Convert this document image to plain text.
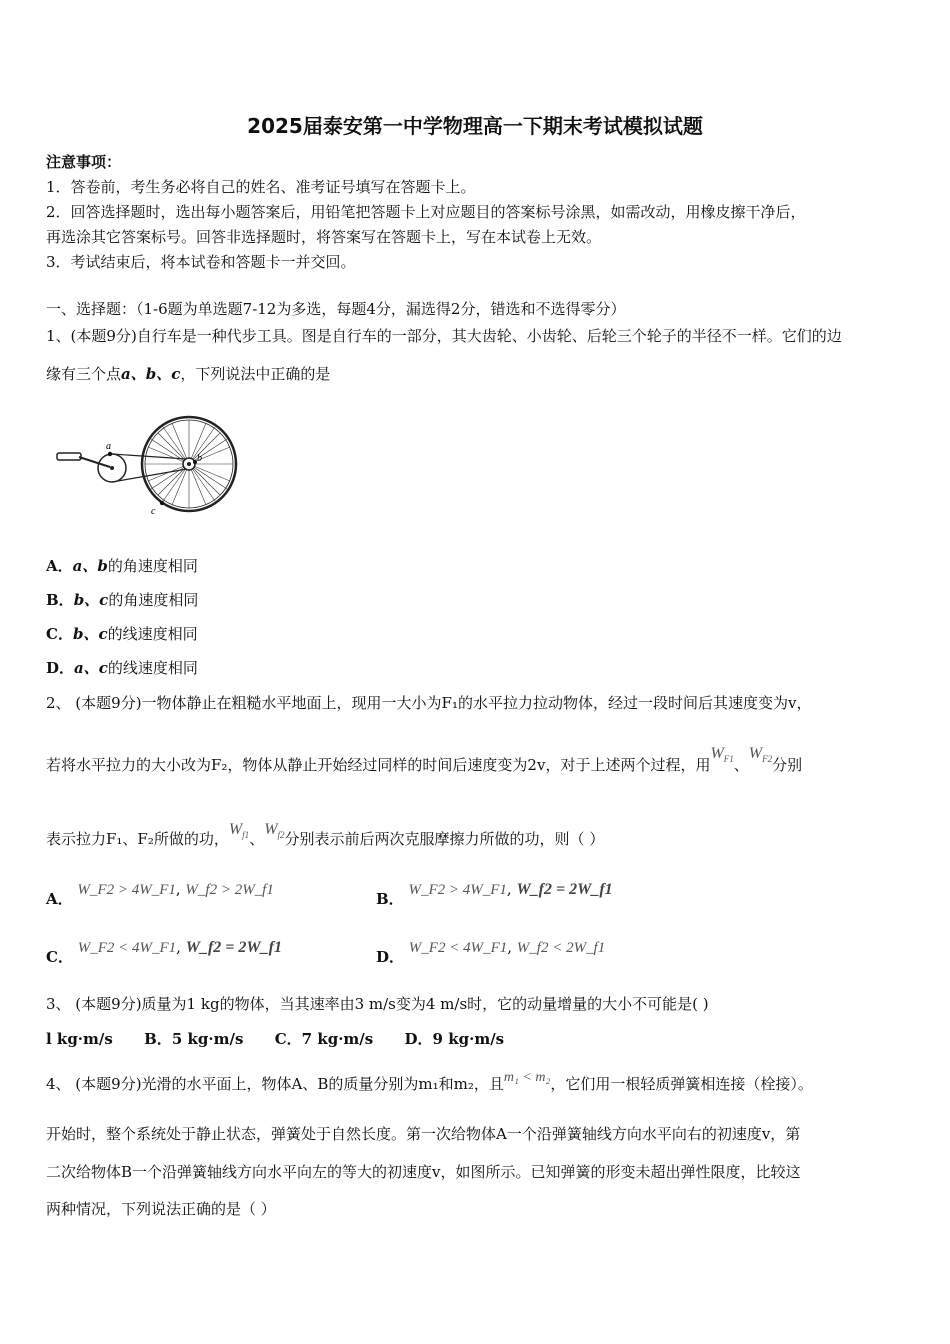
2025届泰安第一中学物理高一下期末考试模拟试题
注意事项：
1．答卷前，考生务必将自己的姓名、准考证号填写在答题卡上。
2．回答选择题时，选出每小题答案后，用铅笔把答题卡上对应题目的答案标号涂黑，如需改动，用橡皮擦干净后，
再选涂其它答案标号。回答非选择题时，将答案写在答题卡上，写在本试卷上无效。
3．考试结束后，将本试卷和答题卡一并交回。
一、选择题：（1-6题为单选题7-12为多选，每题4分，漏选得2分，错选和不选得零分）
1、(本题9分)自行车是一种代步工具。图是自行车的一部分，其大齿轮、小齿轮、后轮三个轮子的半径不一样。它们的边
缘有三个点a、b、c，下列说法中正确的是
a
b
c
A．a、b的角速度相同
B．b、c的角速度相同
C．b、c的线速度相同
D．a、c的线速度相同
2、 (本题9分)一物体静止在粗糙水平地面上，现用一大小为F₁的水平拉力拉动物体，经过一段时间后其速度变为v，
若将水平拉力的大小改为F₂，物体从静止开始经过同样的时间后速度变为2v，对于上述两个过程，用$W_{F1}$、$W_{F2}$分别
表示拉力F₁、F₂所做的功，$W_{f1}$、$W_{f2}$分别表示前后两次克服摩擦力所做的功，则（ ）
A． W_F2 > 4W_F1, W_f2 > 2W_f1	B． W_F2 > 4W_F1, W_f2 = 2W_f1
C． W_F2 < 4W_F1, W_f2 = 2W_f1
D． W_F2 < 4W_F1, W_f2 < 2W_f1
3、 (本题9分)质量为1 kg的物体，当其速率由3 m/s变为4 m/s时，它的动量增量的大小不可能是( )
l kg·m/s      B．5 kg·m/s      C．7 kg·m/s      D．9 kg·m/s
4、 (本题9分)光滑的水平面上，物体A、B的质量分别为m₁和m₂，且m₁ < m₂，它们用一根轻质弹簧相连接（栓接）。
开始时，整个系统处于静止状态，弹簧处于自然长度。第一次给物体A一个沿弹簧轴线方向水平向右的初速度v，第
二次给物体B一个沿弹簧轴线方向水平向左的等大的初速度v，如图所示。已知弹簧的形变未超出弹性限度，比较这
两种情况，下列说法正确的是（ ）
